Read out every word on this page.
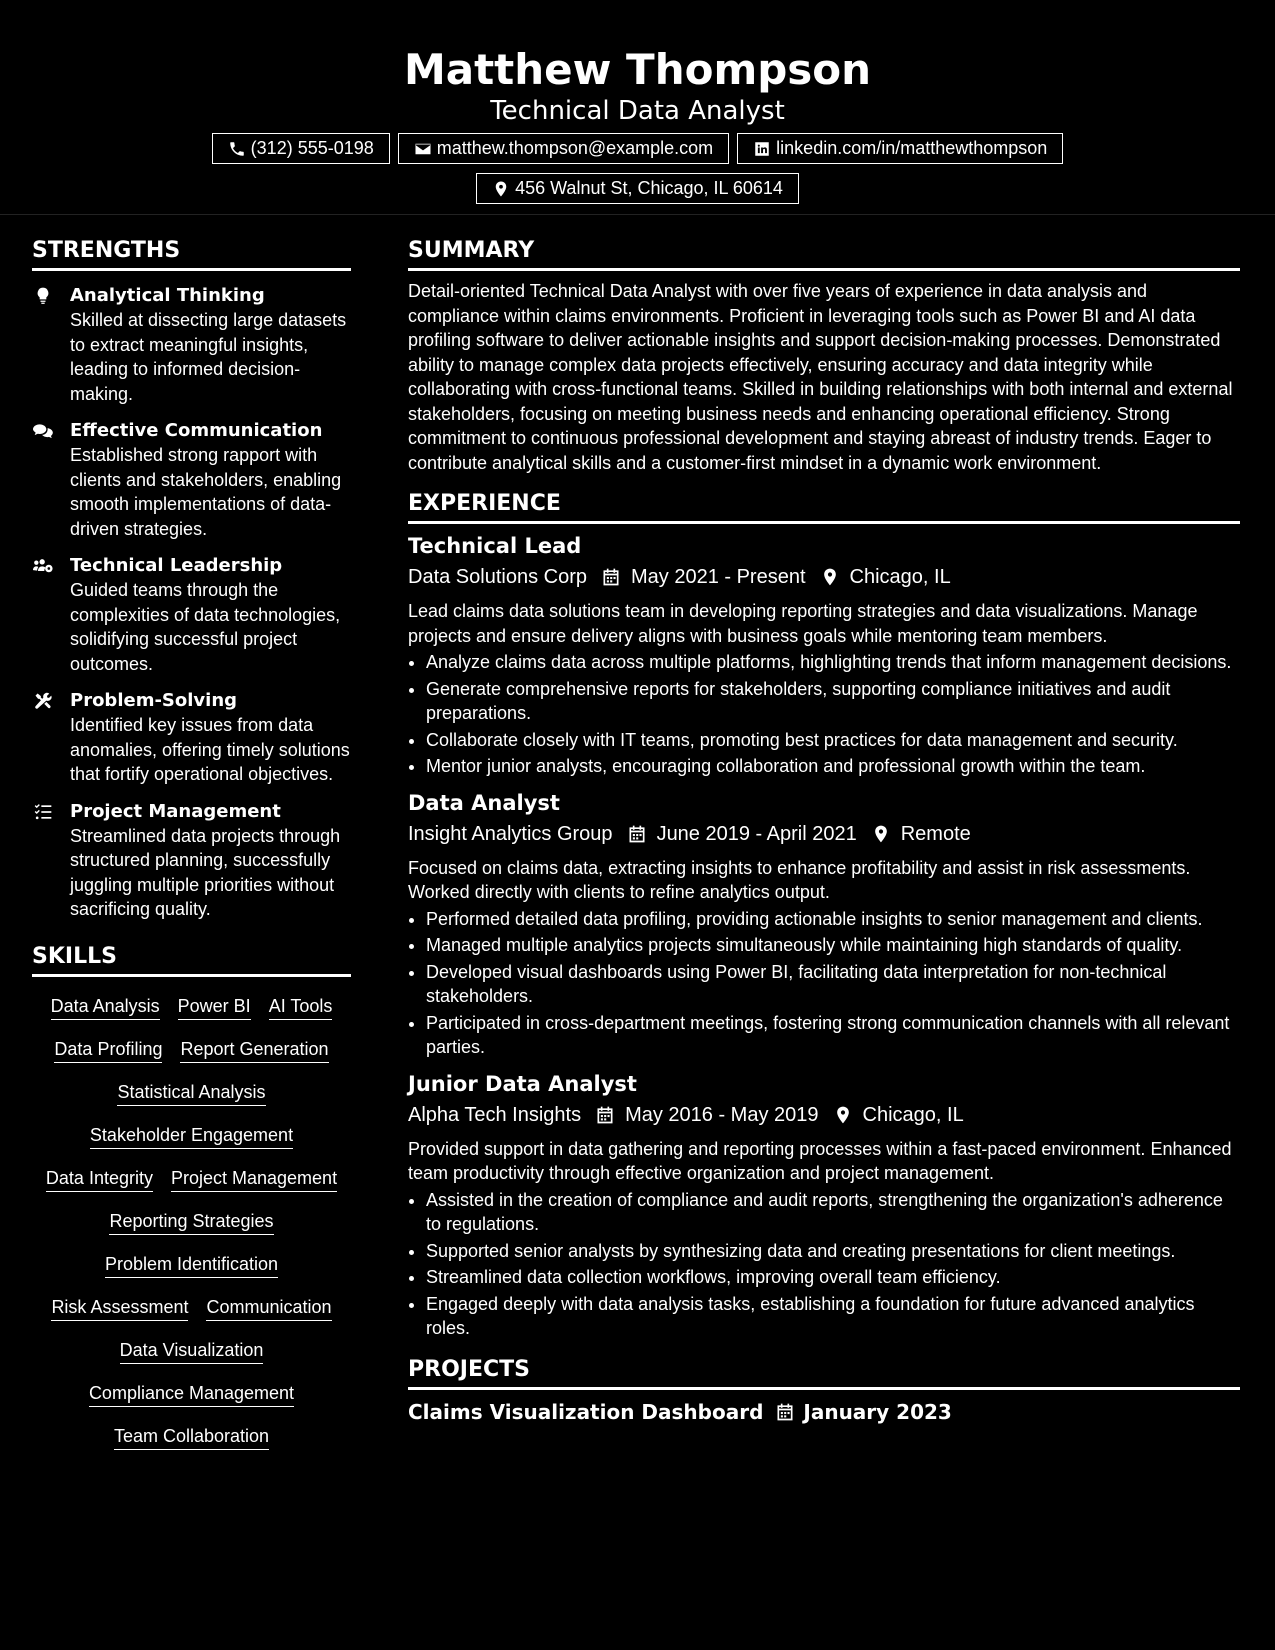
Matthew Thompson
Technical Data Analyst
(312) 555-0198	matthew.thompson@example.com	linkedin.com/in/matthewthompson
456 Walnut St, Chicago, IL 60614
STRENGTHS
Analytical Thinking
Skilled at dissecting large datasets to extract meaningful insights, leading to informed decision-making.
Effective Communication
Established strong rapport with clients and stakeholders, enabling smooth implementations of data-driven strategies.
Technical Leadership
Guided teams through the complexities of data technologies, solidifying successful project outcomes.
Problem-Solving
Identified key issues from data anomalies, offering timely solutions that fortify operational objectives.
Project Management
Streamlined data projects through structured planning, successfully juggling multiple priorities without sacrificing quality.
SKILLS
Data Analysis Power BI AI Tools
Data Profiling Report Generation
Statistical Analysis
Stakeholder Engagement
Data Integrity Project Management
Reporting Strategies
Problem Identification
Risk Assessment Communication
Data Visualization
Compliance Management
Team Collaboration
SUMMARY
Detail-oriented Technical Data Analyst with over five years of experience in data analysis and compliance within claims environments. Proficient in leveraging tools such as Power BI and AI data profiling software to deliver actionable insights and support decision-making processes. Demonstrated ability to manage complex data projects effectively, ensuring accuracy and data integrity while collaborating with cross-functional teams. Skilled in building relationships with both internal and external stakeholders, focusing on meeting business needs and enhancing operational efficiency. Strong commitment to continuous professional development and staying abreast of industry trends. Eager to contribute analytical skills and a customer-first mindset in a dynamic work environment.
EXPERIENCE
Technical Lead
Data Solutions Corp May 2021 - Present Chicago, IL
Lead claims data solutions team in developing reporting strategies and data visualizations. Manage projects and ensure delivery aligns with business goals while mentoring team members.
• Analyze claims data across multiple platforms, highlighting trends that inform management decisions.
• Generate comprehensive reports for stakeholders, supporting compliance initiatives and audit preparations.
• Collaborate closely with IT teams, promoting best practices for data management and security.
• Mentor junior analysts, encouraging collaboration and professional growth within the team.
Data Analyst
Insight Analytics Group June 2019 - April 2021 Remote
Focused on claims data, extracting insights to enhance profitability and assist in risk assessments. Worked directly with clients to refine analytics output.
• Performed detailed data profiling, providing actionable insights to senior management and clients.
• Managed multiple analytics projects simultaneously while maintaining high standards of quality.
• Developed visual dashboards using Power BI, facilitating data interpretation for non-technical stakeholders.
• Participated in cross-department meetings, fostering strong communication channels with all relevant parties.
Junior Data Analyst
Alpha Tech Insights May 2016 - May 2019 Chicago, IL
Provided support in data gathering and reporting processes within a fast-paced environment. Enhanced team productivity through effective organization and project management.
• Assisted in the creation of compliance and audit reports, strengthening the organization's adherence to regulations.
• Supported senior analysts by synthesizing data and creating presentations for client meetings.
• Streamlined data collection workflows, improving overall team efficiency.
• Engaged deeply with data analysis tasks, establishing a foundation for future advanced analytics roles.
PROJECTS
Claims Visualization Dashboard January 2023
